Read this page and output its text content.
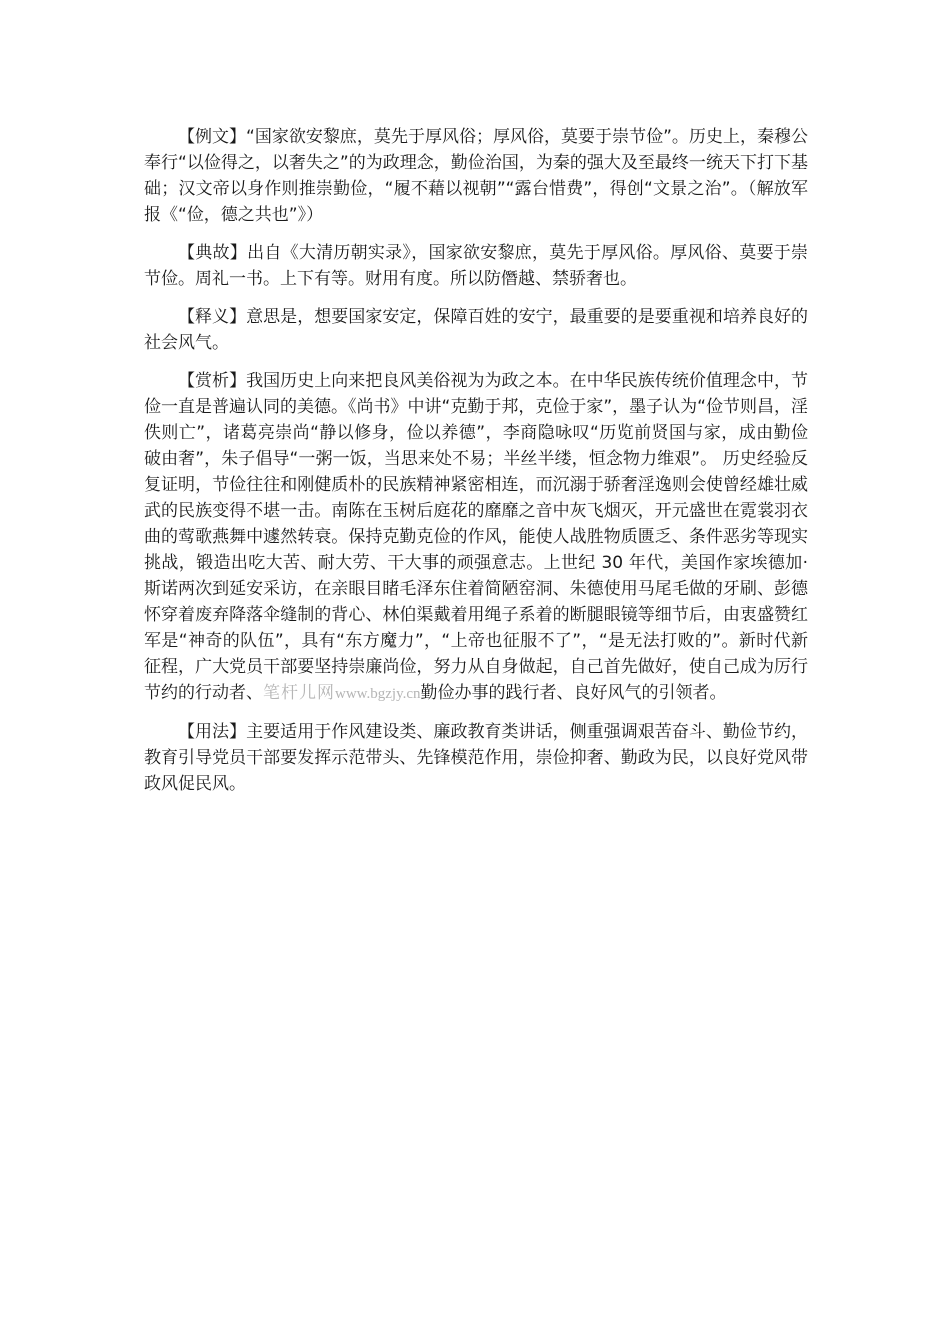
【例文】“国家欲安黎庶，莫先于厚风俗；厚风俗，莫要于崇节俭”。历史上，秦穆公奉行“以俭得之，以奢失之”的为政理念，勤俭治国，为秦的强大及至最终一统天下打下基础；汉文帝以身作则推崇勤俭，“履不藉以视朝”“露台惜费”，得创“文景之治”。（解放军报《“俭，德之共也”》）

【典故】出自《大清历朝实录》，国家欲安黎庶，莫先于厚风俗。厚风俗、莫要于崇节俭。周礼一书。上下有等。财用有度。所以防僭越、禁骄奢也。

【释义】意思是，想要国家安定，保障百姓的安宁，最重要的是要重视和培养良好的社会风气。

【赏析】我国历史上向来把良风美俗视为为政之本。在中华民族传统价值理念中，节俭一直是普遍认同的美德。《尚书》中讲“克勤于邦，克俭于家”，墨子认为“俭节则昌，淫佚则亡”，诸葛亮崇尚“静以修身，俭以养德”，李商隐咏叹“历览前贤国与家，成由勤俭破由奢”，朱子倡导“一粥一饭，当思来处不易；半丝半缕，恒念物力维艰”。 历史经验反复证明，节俭往往和刚健质朴的民族精神紧密相连，而沉溺于骄奢淫逸则会使曾经雄壮威武的民族变得不堪一击。南陈在玉树后庭花的靡靡之音中灰飞烟灭，开元盛世在霓裳羽衣曲的莺歌燕舞中遽然转衰。保持克勤克俭的作风，能使人战胜物质匮乏、条件恶劣等现实挑战，锻造出吃大苦、耐大劳、干大事的顽强意志。上世纪 30 年代，美国作家埃德加·斯诺两次到延安采访，在亲眼目睹毛泽东住着简陋窑洞、朱德使用马尾毛做的牙刷、彭德怀穿着废弃降落伞缝制的背心、林伯渠戴着用绳子系着的断腿眼镜等细节后，由衷盛赞红军是“神奇的队伍”，具有“东方魔力”，“上帝也征服不了”，“是无法打败的”。新时代新征程，广大党员干部要坚持崇廉尚俭，努力从自身做起，自己首先做好，使自己成为厉行节约的行动者、笔杆儿网www.bgzjy.cn勤俭办事的践行者、良好风气的引领者。

【用法】主要适用于作风建设类、廉政教育类讲话，侧重强调艰苦奋斗、勤俭节约，教育引导党员干部要发挥示范带头、先锋模范作用，崇俭抑奢、勤政为民，以良好党风带政风促民风。
